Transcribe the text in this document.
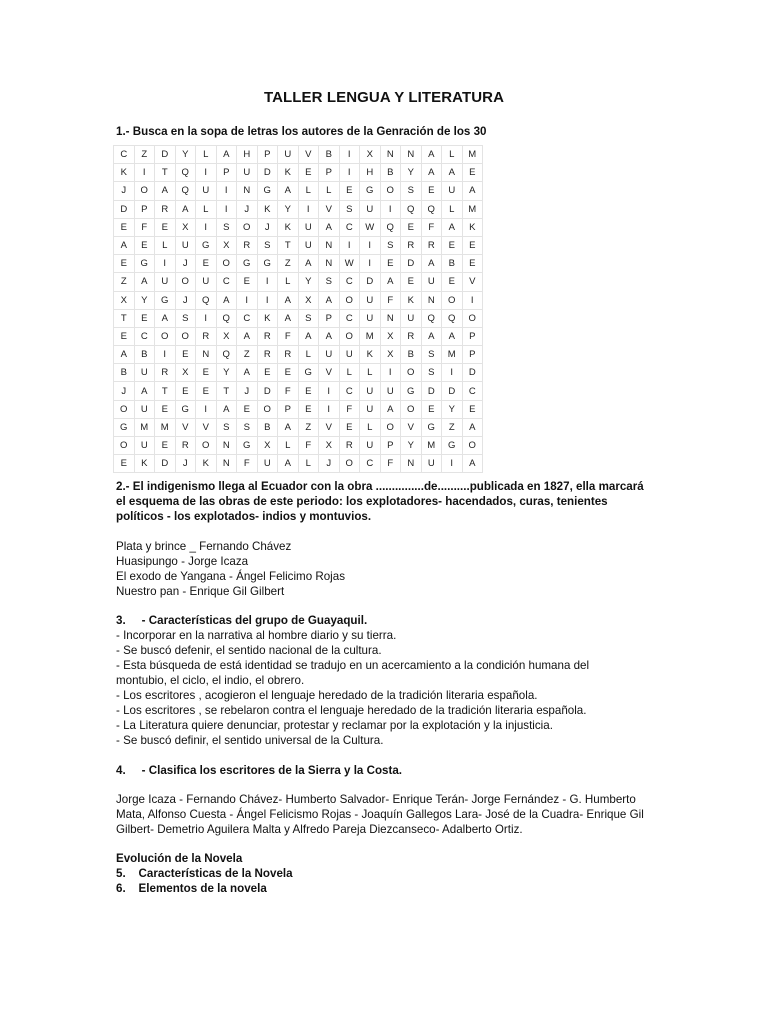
TALLER LENGUA Y LITERATURA
1.- Busca en la sopa de letras los autores de la Genración de los 30
C	Z	D	Y	L	A	H	P	U	V	B	I	X	N	N	A	L	M
K	I	T	Q	I	P	U	D	K	E	P	I	H	B	Y	A	A	E
J	O	A	Q	U	I	N	G	A	L	L	E	G	O	S	E	U	A
D	P	R	A	L	I	J	K	Y	I	V	S	U	I	Q	Q	L	M
E	F	E	X	I	S	O	J	K	U	A	C	W	Q	E	F	A	K
A	E	L	U	G	X	R	S	T	U	N	I	I	S	R	R	E	E
E	G	I	J	E	O	G	G	Z	A	N	W	I	E	D	A	B	E
Z	A	U	O	U	C	E	I	L	Y	S	C	D	A	E	U	E	V
X	Y	G	J	Q	A	I	I	A	X	A	O	U	F	K	N	O	I
T	E	A	S	I	Q	C	K	A	S	P	C	U	N	U	Q	Q	O
E	C	O	O	R	X	A	R	F	A	A	O	M	X	R	A	A	P
A	B	I	E	N	Q	Z	R	R	L	U	U	K	X	B	S	M	P
B	U	R	X	E	Y	A	E	E	G	V	L	L	I	O	S	I	D
J	A	T	E	E	T	J	D	F	E	I	C	U	U	G	D	D	C
O	U	E	G	I	A	E	O	P	E	I	F	U	A	O	E	Y	E
G	M	M	V	V	S	S	B	A	Z	V	E	L	O	V	G	Z	A
O	U	E	R	O	N	G	X	L	F	X	R	U	P	Y	M	G	O
E	K	D	J	K	N	F	U	A	L	J	O	C	F	N	U	I	A
2.- El indigenismo llega al Ecuador con la obra ...............de..........publicada en 1827, ella marcará el esquema de las obras de este periodo: los explotadores- hacendados, curas, tenientes políticos - los explotados- indios y montuvios.
Plata y brince _ Fernando Chávez
Huasipungo - Jorge Icaza
El exodo de Yangana - Ángel Felicimo Rojas
Nuestro pan - Enrique Gil Gilbert
3. - Características del grupo de Guayaquil.
- Incorporar en la narrativa al hombre diario y su tierra.
- Se buscó defenir, el sentido nacional de la cultura.
- Esta búsqueda de está identidad se tradujo en un acercamiento a la condición humana del
montubio, el ciclo, el indio, el obrero.
- Los escritores , acogieron el lenguaje heredado de la tradición literaria española.
- Los escritores , se rebelaron contra el lenguaje heredado de la tradición literaria española.
- La Literatura quiere denunciar, protestar y reclamar por la explotación y la injusticia.
- Se buscó definir, el sentido universal de la Cultura.
4. - Clasifica los escritores de la Sierra y la Costa.
Jorge Icaza - Fernando Chávez- Humberto Salvador- Enrique Terán- Jorge Fernández - G. Humberto Mata, Alfonso Cuesta - Ángel Felicismo Rojas - Joaquín Gallegos Lara- José de la Cuadra- Enrique Gil Gilbert- Demetrio Aguilera Malta y Alfredo Pareja Diezcanseco- Adalberto Ortiz.
Evolución de la Novela
5.    Características de la Novela
6.    Elementos de la novela
